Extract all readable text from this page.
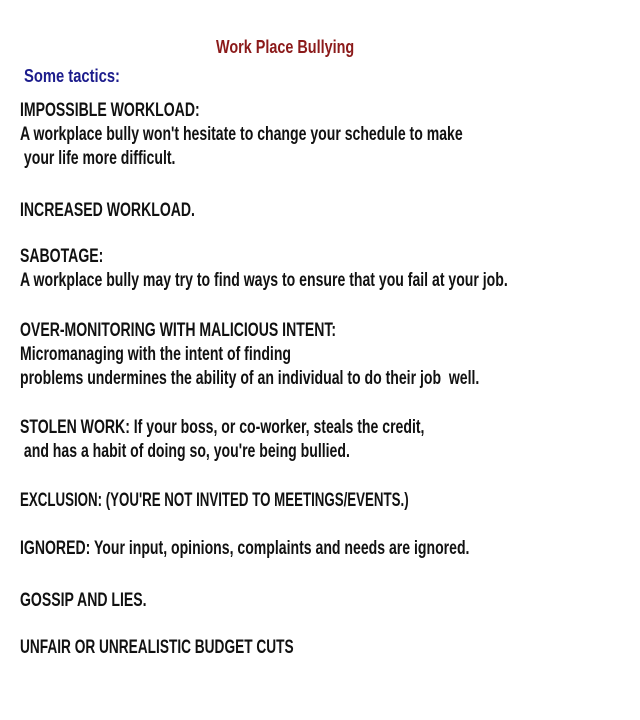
Work Place Bullying
Some tactics:
IMPOSSIBLE WORKLOAD:
A workplace bully won't hesitate to change your schedule to make
your life more difficult.
INCREASED WORKLOAD.
SABOTAGE:
A workplace bully may try to find ways to ensure that you fail at your job.
OVER-MONITORING WITH MALICIOUS INTENT:
Micromanaging with the intent of finding
problems undermines the ability of an individual to do their job  well.
STOLEN WORK: If your boss, or co-worker, steals the credit,
and has a habit of doing so, you're being bullied.
EXCLUSION: (YOU'RE NOT INVITED TO MEETINGS/EVENTS.)
IGNORED: Your input, opinions, complaints and needs are ignored.
GOSSIP AND LIES.
UNFAIR OR UNREALISTIC BUDGET CUTS
